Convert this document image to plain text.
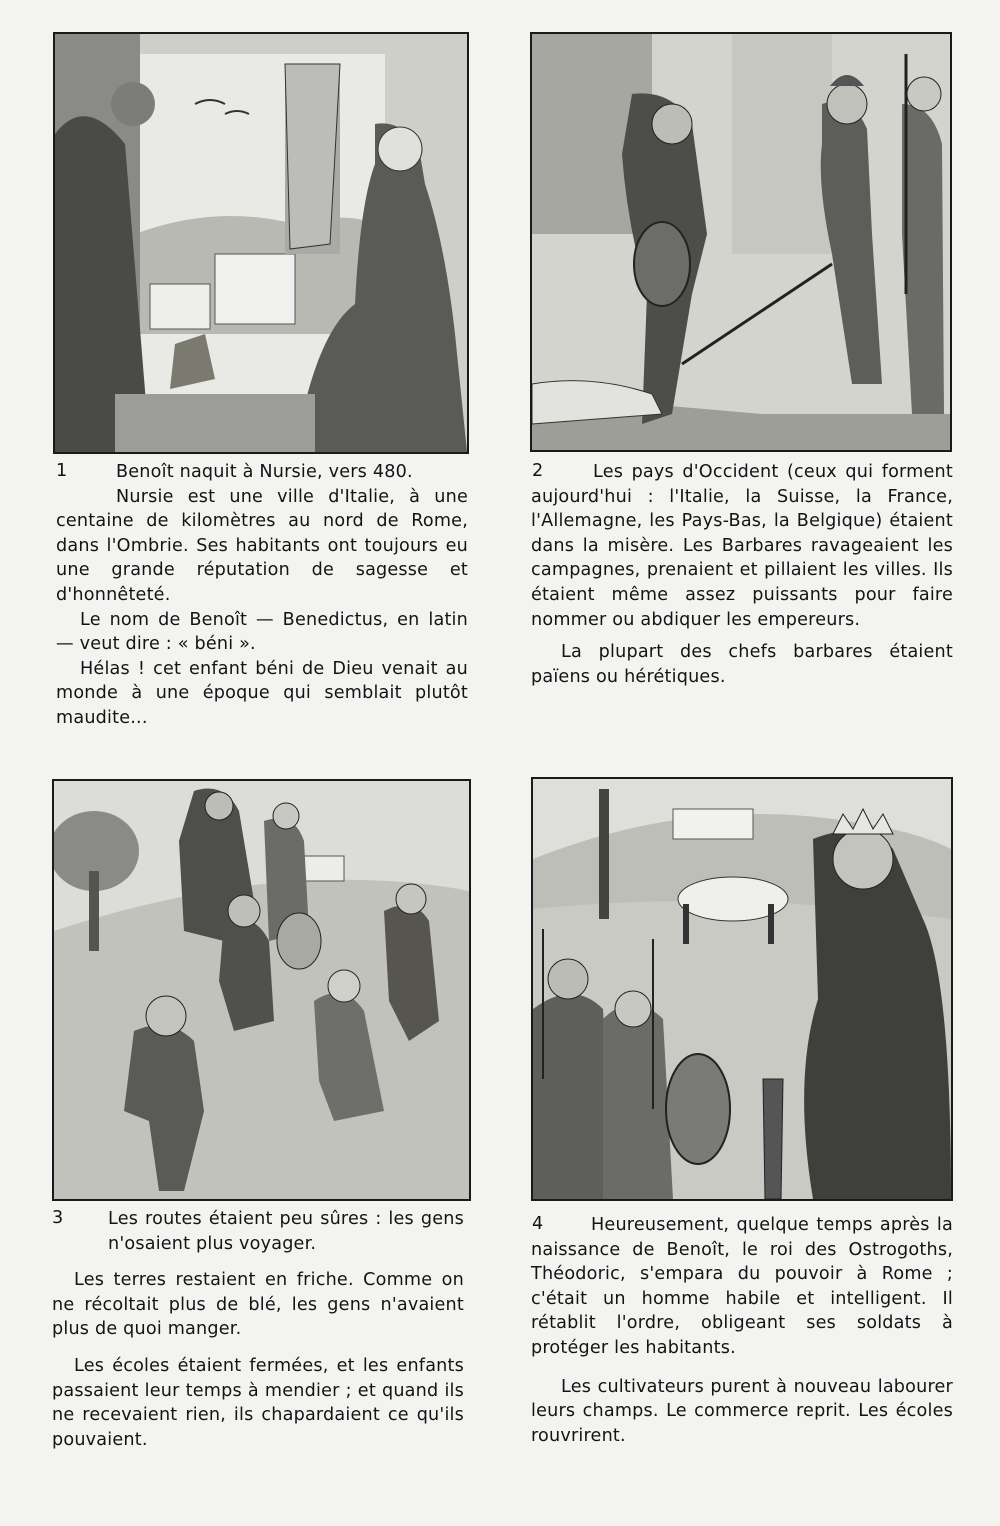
1	Benoît naquit à Nursie, vers 480.

Nursie est une ville d'Italie, à une centaine de kilomètres au nord de Rome, dans l'Ombrie. Ses habitants ont toujours eu une grande réputation de sagesse et d'honnêteté.

Le nom de Benoît — Benedictus, en latin — veut dire : « béni ».

Hélas ! cet enfant béni de Dieu venait au monde à une époque qui semblait plutôt maudite...

2	Les pays d'Occident (ceux qui forment aujourd'hui : l'Italie, la Suisse, la France, l'Allemagne, les Pays-Bas, la Belgique) étaient dans la misère. Les Barbares ravageaient les campagnes, prenaient et pillaient les villes. Ils étaient même assez puissants pour faire nommer ou abdiquer les empereurs.

La plupart des chefs barbares étaient païens ou hérétiques.

3	Les routes étaient peu sûres : les gens n'osaient plus voyager.

Les terres restaient en friche. Comme on ne récoltait plus de blé, les gens n'avaient plus de quoi manger.

Les écoles étaient fermées, et les enfants passaient leur temps à mendier ; et quand ils ne recevaient rien, ils chapardaient ce qu'ils pouvaient.

4	Heureusement, quelque temps après la naissance de Benoît, le roi des Ostrogoths, Théodoric, s'empara du pouvoir à Rome ; c'était un homme habile et intelligent. Il rétablit l'ordre, obligeant ses soldats à protéger les habitants.

Les cultivateurs purent à nouveau labourer leurs champs. Le commerce reprit. Les écoles rouvrirent.
